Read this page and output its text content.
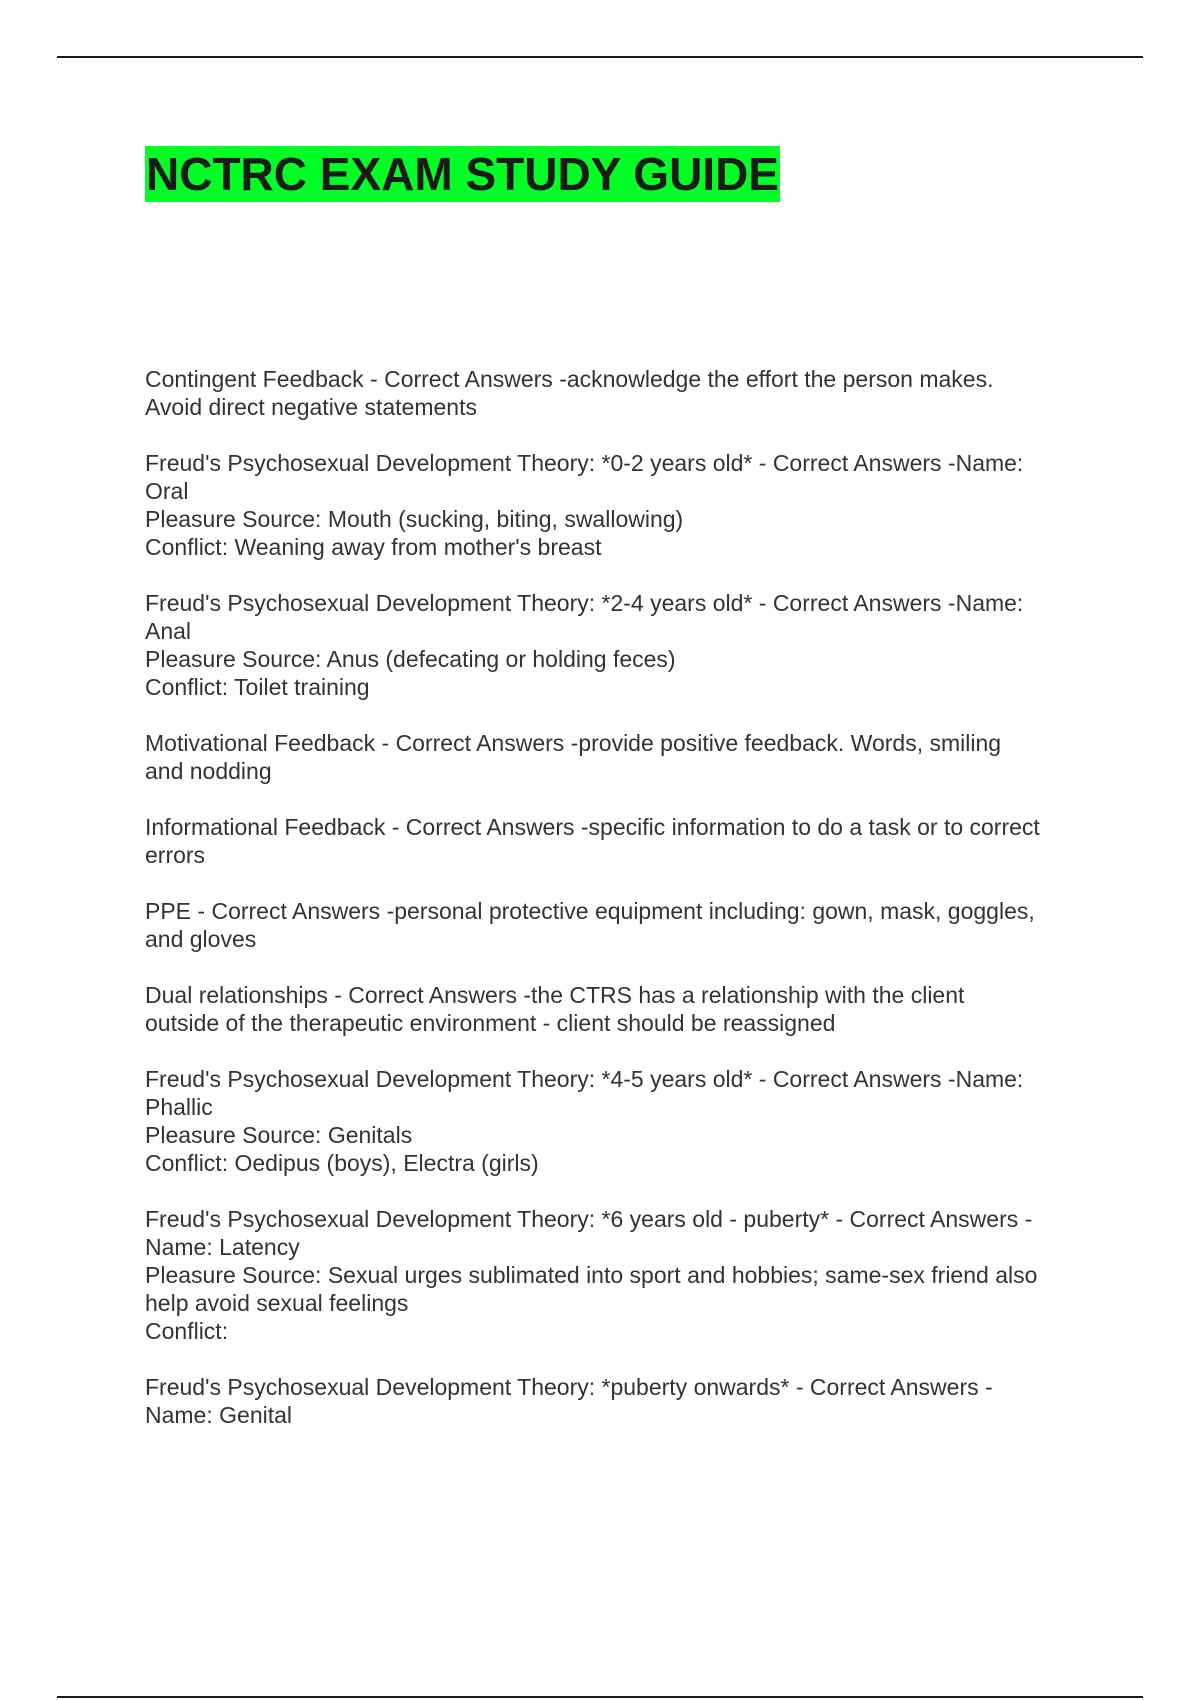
NCTRC EXAM STUDY GUIDE
Contingent Feedback - Correct Answers -acknowledge the effort the person makes.
Avoid direct negative statements
Freud's Psychosexual Development Theory: *0-2 years old* - Correct Answers -Name:
Oral
Pleasure Source: Mouth (sucking, biting, swallowing)
Conflict: Weaning away from mother's breast
Freud's Psychosexual Development Theory: *2-4 years old* - Correct Answers -Name:
Anal
Pleasure Source: Anus (defecating or holding feces)
Conflict: Toilet training
Motivational Feedback - Correct Answers -provide positive feedback. Words, smiling
and nodding
Informational Feedback - Correct Answers -specific information to do a task or to correct
errors
PPE - Correct Answers -personal protective equipment including: gown, mask, goggles,
and gloves
Dual relationships - Correct Answers -the CTRS has a relationship with the client
outside of the therapeutic environment - client should be reassigned
Freud's Psychosexual Development Theory: *4-5 years old* - Correct Answers -Name:
Phallic
Pleasure Source: Genitals
Conflict: Oedipus (boys), Electra (girls)
Freud's Psychosexual Development Theory: *6 years old - puberty* - Correct Answers -
Name: Latency
Pleasure Source: Sexual urges sublimated into sport and hobbies; same-sex friend also
help avoid sexual feelings
Conflict:
Freud's Psychosexual Development Theory: *puberty onwards* - Correct Answers -
Name: Genital
